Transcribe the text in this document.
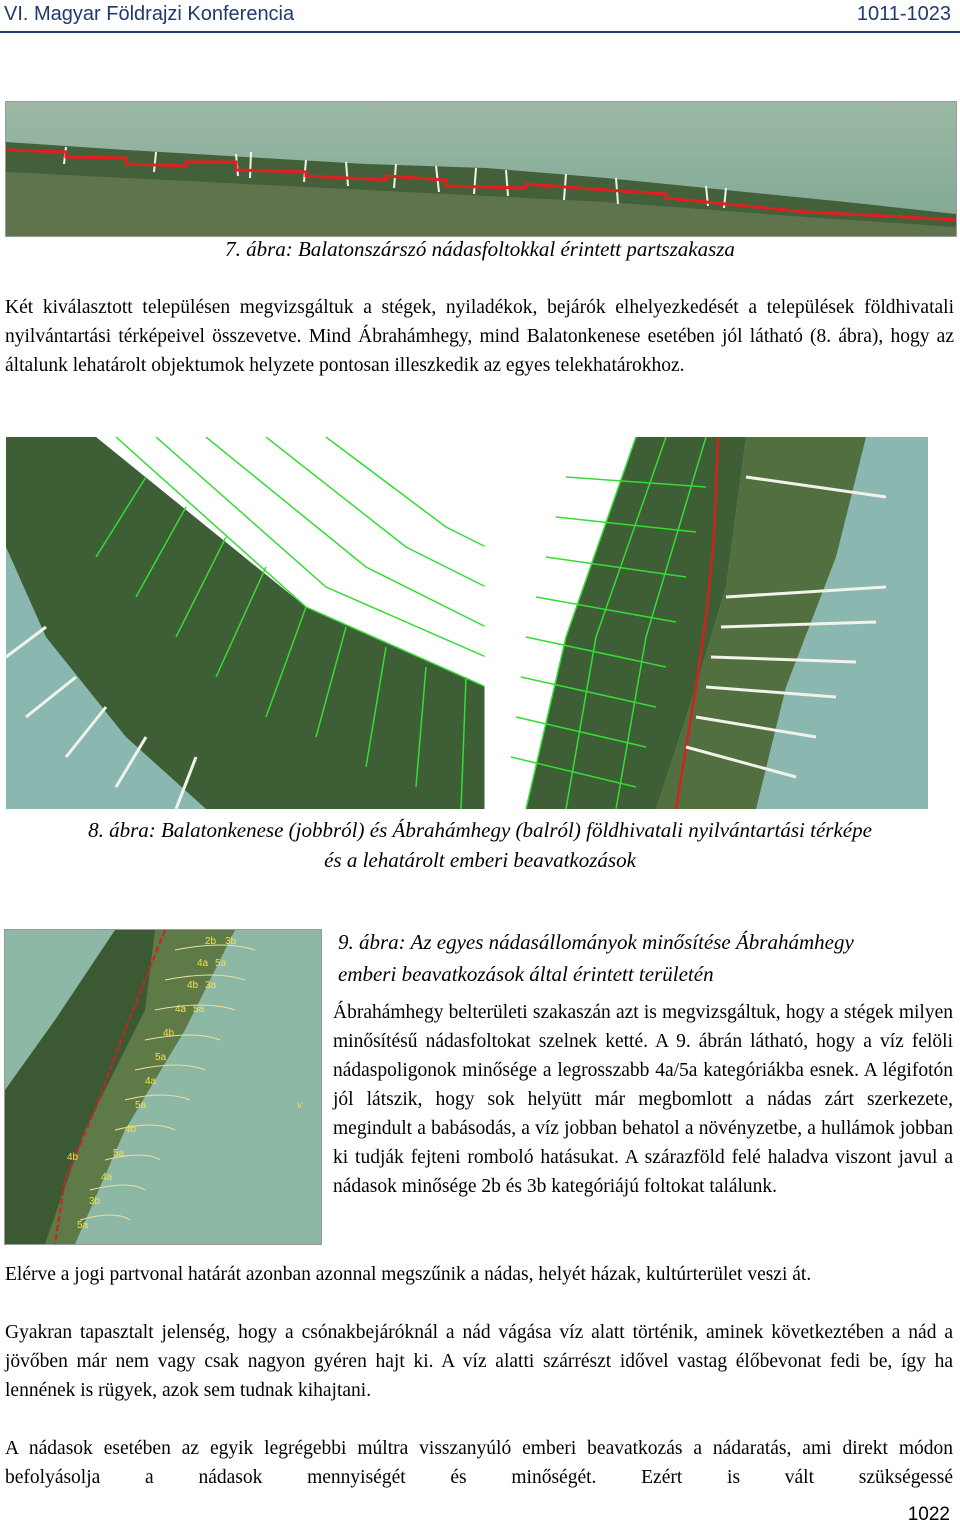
VI. Magyar Földrajzi Konferencia	1011-1023
7. ábra: Balatonszárszó nádasfoltokkal érintett partszakasza

Két kiválasztott településen megvizsgáltuk a stégek, nyiladékok, bejárók elhelyezkedését a települések földhivatali nyilvántartási térképeivel összevetve. Mind Ábrahámhegy, mind Balatonkenese esetében jól látható (8. ábra), hogy az általunk lehatárolt objektumok helyzete pontosan illeszkedik az egyes telekhatárokhoz.

8. ábra: Balatonkenese (jobbról) és Ábrahámhegy (balról) földhivatali nyilvántartási térképe
és a lehatárolt emberi beavatkozások
2b 3b
4a 5a
4b 3a
4a 5a
4b
5a
4a
5a
4b
5a
4a
3b
4b
5a
v
9. ábra: Az egyes nádasállományok minősítése Ábrahámhegy
emberi beavatkozások által érintett területén

Ábrahámhegy belterületi szakaszán azt is megvizsgáltuk, hogy a stégek milyen minősítésű nádasfoltokat szelnek ketté. A 9. ábrán látható, hogy a víz felöli nádaspoligonok minősége a legrosszabb 4a/5a kategóriákba esnek. A légifotón jól látszik, hogy sok helyütt már megbomlott a nádas zárt szerkezete, megindult a babásodás, a víz jobban behatol a növényzetbe, a hullámok jobban ki tudják fejteni romboló hatásukat. A szárazföld felé haladva viszont javul a nádasok minősége 2b és 3b kategóriájú foltokat találunk.

Elérve a jogi partvonal határát azonban azonnal megszűnik a nádas, helyét házak, kultúrterület veszi át.

Gyakran tapasztalt jelenség, hogy a csónakbejáróknál a nád vágása víz alatt történik, aminek következtében a nád a jövőben már nem vagy csak nagyon gyéren hajt ki. A víz alatti szárrészt idővel vastag élőbevonat fedi be, így ha lennének is rügyek, azok sem tudnak kihajtani.

A nádasok esetében az egyik legrégebbi múltra visszanyúló emberi beavatkozás a nádaratás, ami direkt módon befolyásolja a nádasok mennyiségét és minőségét. Ezért is vált szükségessé

1022
